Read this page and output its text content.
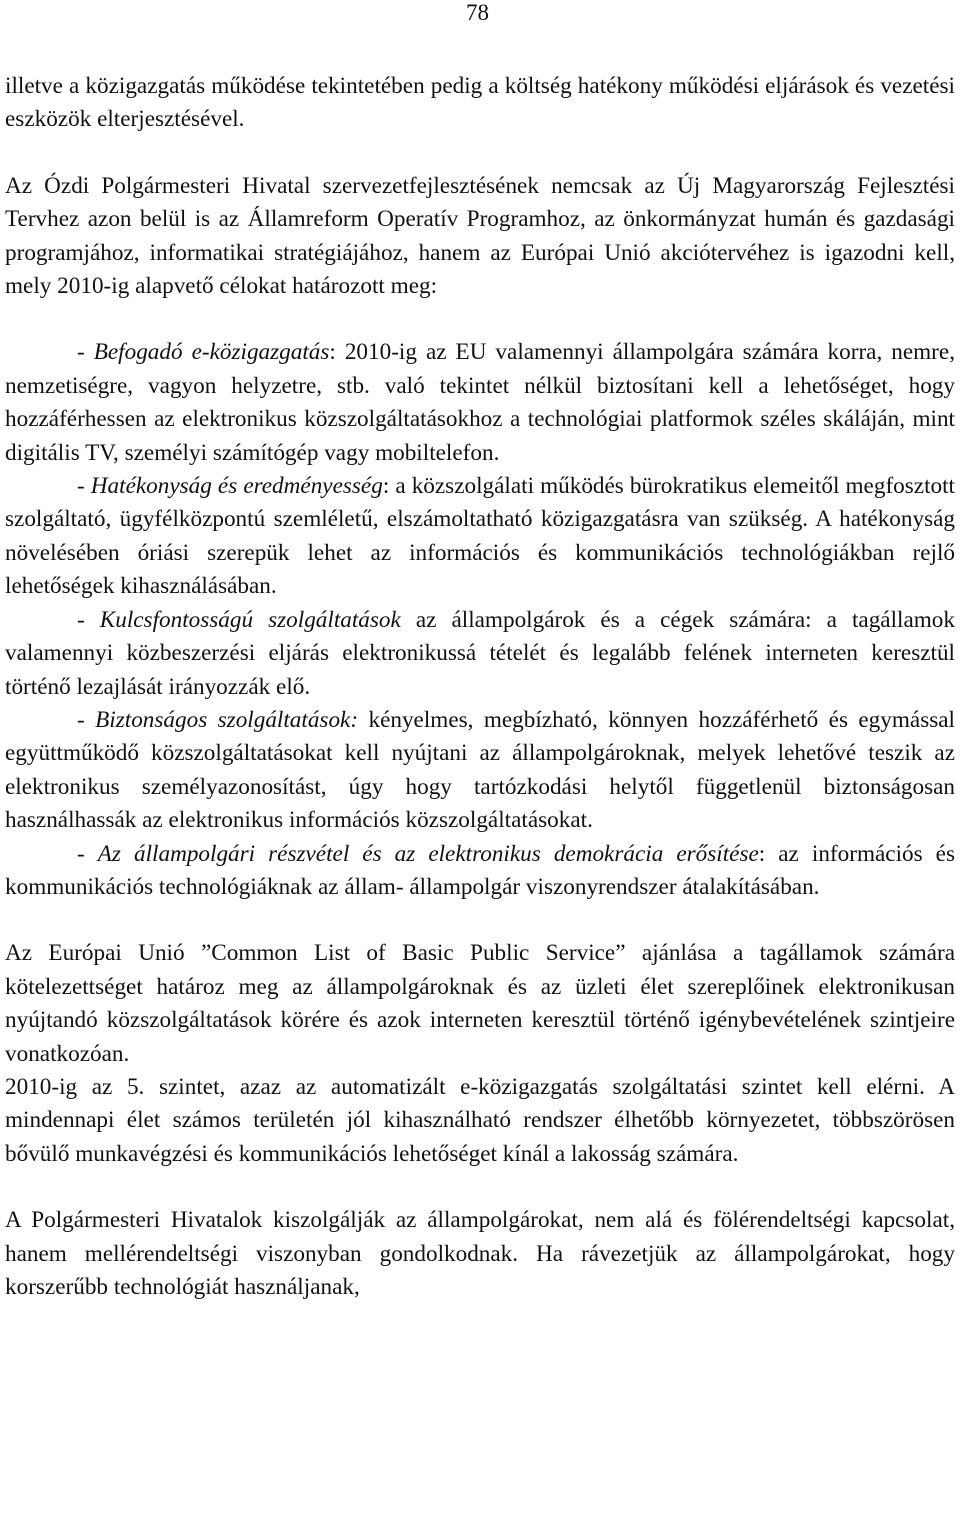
78

illetve a közigazgatás működése tekintetében pedig a költség hatékony működési eljárások és vezetési eszközök elterjesztésével.

Az Ózdi Polgármesteri Hivatal szervezetfejlesztésének nemcsak az Új Magyarország Fejlesztési Tervhez azon belül is az Államreform Operatív Programhoz, az önkormányzat humán és gazdasági programjához, informatikai stratégiájához, hanem az Európai Unió akciótervéhez is igazodni kell, mely 2010-ig alapvető célokat határozott meg:

- Befogadó e-közigazgatás: 2010-ig az EU valamennyi állampolgára számára korra, nemre, nemzetiségre, vagyon helyzetre, stb. való tekintet nélkül biztosítani kell a lehetőséget, hogy hozzáférhessen az elektronikus közszolgáltatásokhoz a technológiai platformok széles skáláján, mint digitális TV, személyi számítógép vagy mobiltelefon.

- Hatékonyság és eredményesség: a közszolgálati működés bürokratikus elemeitől megfosztott szolgáltató, ügyfélközpontú szemléletű, elszámoltatható közigazgatásra van szükség. A hatékonyság növelésében óriási szerepük lehet az információs és kommunikációs technológiákban rejlő lehetőségek kihasználásában.

- Kulcsfontosságú szolgáltatások az állampolgárok és a cégek számára: a tagállamok valamennyi közbeszerzési eljárás elektronikussá tételét és legalább felének interneten keresztül történő lezajlását irányozzák elő.

- Biztonságos szolgáltatások: kényelmes, megbízható, könnyen hozzáférhető és egymással együttműködő közszolgáltatásokat kell nyújtani az állampolgároknak, melyek lehetővé teszik az elektronikus személyazonosítást, úgy hogy tartózkodási helytől függetlenül biztonságosan használhassák az elektronikus információs közszolgáltatásokat.

- Az állampolgári részvétel és az elektronikus demokrácia erősítése: az információs és kommunikációs technológiáknak az állam- állampolgár viszonyrendszer átalakításában.

Az Európai Unió ”Common List of Basic Public Service” ajánlása a tagállamok számára kötelezettséget határoz meg az állampolgároknak és az üzleti élet szereplőinek elektronikusan nyújtandó közszolgáltatások körére és azok interneten keresztül történő igénybevételének szintjeire vonatkozóan.

2010-ig az 5. szintet, azaz az automatizált e-közigazgatás szolgáltatási szintet kell elérni. A mindennapi élet számos területén jól kihasználható rendszer élhetőbb környezetet, többszörösen bővülő munkavégzési és kommunikációs lehetőséget kínál a lakosság számára.

A Polgármesteri Hivatalok kiszolgálják az állampolgárokat, nem alá és fölérendeltségi kapcsolat, hanem mellérendeltségi viszonyban gondolkodnak. Ha rávezetjük az állampolgárokat, hogy korszerűbb technológiát használjanak,
